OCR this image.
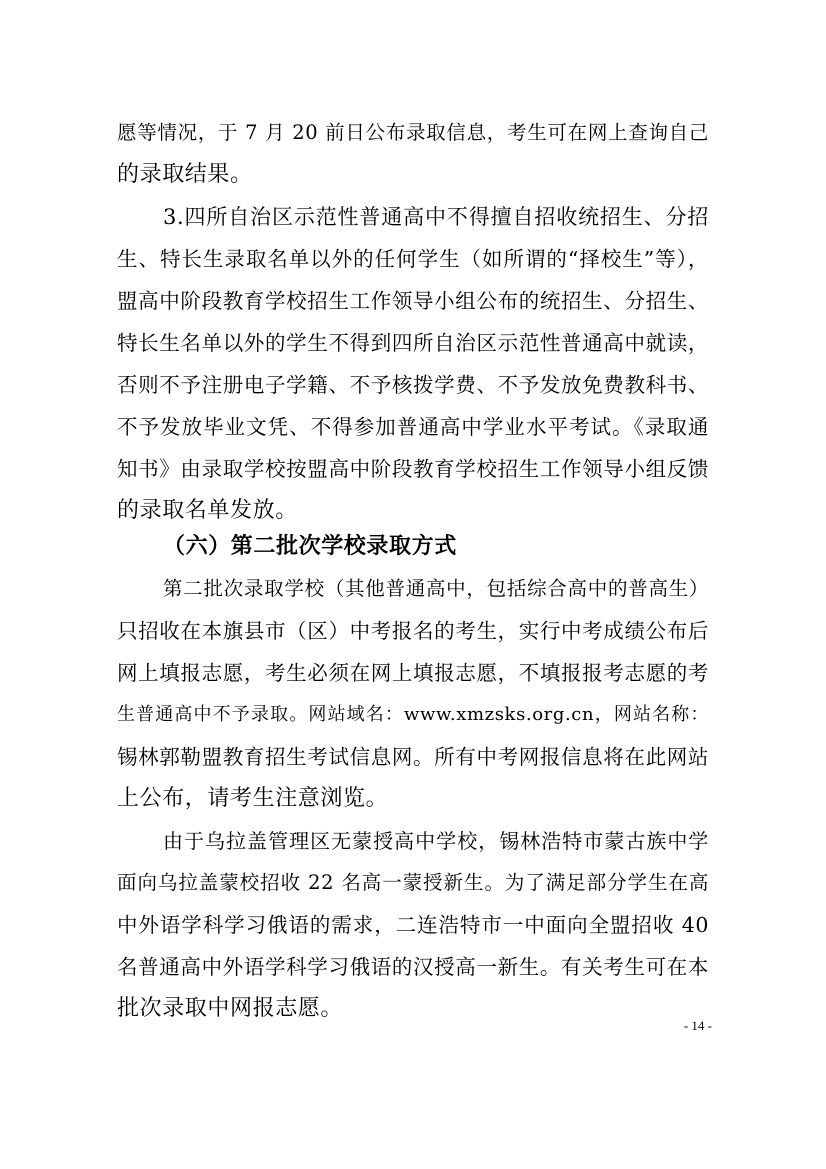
愿等情况，于 7 月 20 前日公布录取信息，考生可在网上查询自己
的录取结果。
3.四所自治区示范性普通高中不得擅自招收统招生、分招
生、特长生录取名单以外的任何学生（如所谓的“择校生”等），
盟高中阶段教育学校招生工作领导小组公布的统招生、分招生、
特长生名单以外的学生不得到四所自治区示范性普通高中就读，
否则不予注册电子学籍、不予核拨学费、不予发放免费教科书、
不予发放毕业文凭、不得参加普通高中学业水平考试。《录取通
知书》由录取学校按盟高中阶段教育学校招生工作领导小组反馈
的录取名单发放。
（六）第二批次学校录取方式
第二批次录取学校（其他普通高中，包括综合高中的普高生）
只招收在本旗县市（区）中考报名的考生，实行中考成绩公布后
网上填报志愿，考生必须在网上填报志愿，不填报报考志愿的考
生普通高中不予录取。网站域名：www.xmzsks.org.cn，网站名称：
锡林郭勒盟教育招生考试信息网。所有中考网报信息将在此网站
上公布，请考生注意浏览。
由于乌拉盖管理区无蒙授高中学校，锡林浩特市蒙古族中学
面向乌拉盖蒙校招收 22 名高一蒙授新生。为了满足部分学生在高
中外语学科学习俄语的需求，二连浩特市一中面向全盟招收 40
名普通高中外语学科学习俄语的汉授高一新生。有关考生可在本
批次录取中网报志愿。
- 14 -
